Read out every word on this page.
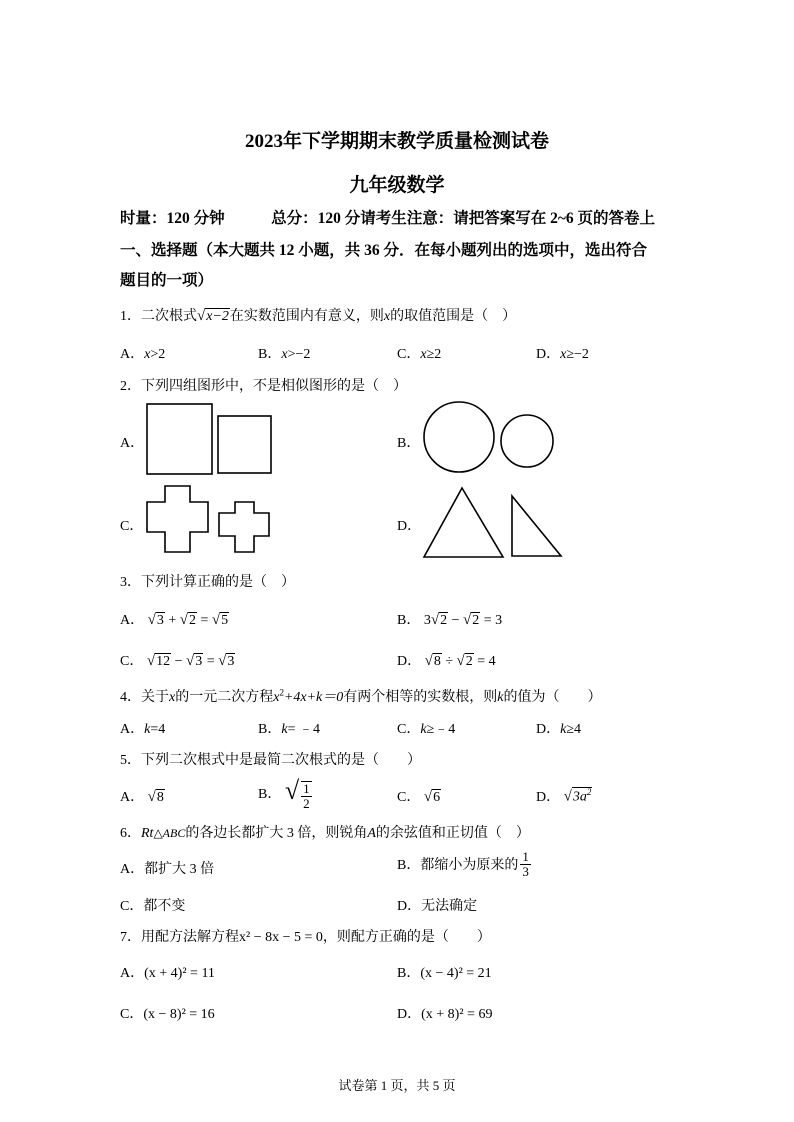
2023年下学期期末教学质量检测试卷
九年级数学
时量：120 分钟　　　总分：120 分请考生注意：请把答案写在 2~6 页的答卷上
一、选择题（本大题共 12 小题，共 36 分．在每小题列出的选项中，选出符合
题目的一项）
1．二次根式√x−2在实数范围内有意义，则x的取值范围是（　）
A．x>2	B．x>−2	C．x≥2	D．x≥−2
2．下列四组图形中，不是相似图形的是（　）
A．	B．
C．	D．
3．下列计算正确的是（　）
A． √3 + √2 = √5	B． 3√2 − √2 = 3
C． √12 − √3 = √3	D． √8 ÷ √2 = 4
4．关于x的一元二次方程$x^2+4x+k=0$有两个相等的实数根，则k的值为（　　）
A．k=4	B．k= ﹣4	C．k≥﹣4	D．k≥4
5．下列二次根式中是最简二次根式的是（　　）
A． √8	B． √ $\frac{1}{2}$	C． √6	D． $√3a^2$
6．Rt△ABC的各边长都扩大 3 倍，则锐角A的余弦值和正切值（　）
A．都扩大 3 倍	B．都缩小为原来的 $\frac{1}{3}$
C．都不变	D．无法确定
7．用配方法解方程x² − 8x − 5 = 0，则配方正确的是（　　）
A．(x + 4)² = 11	B．(x − 4)² = 21
C．(x − 8)² = 16	D．(x + 8)² = 69
试卷第 1 页，共 5 页
